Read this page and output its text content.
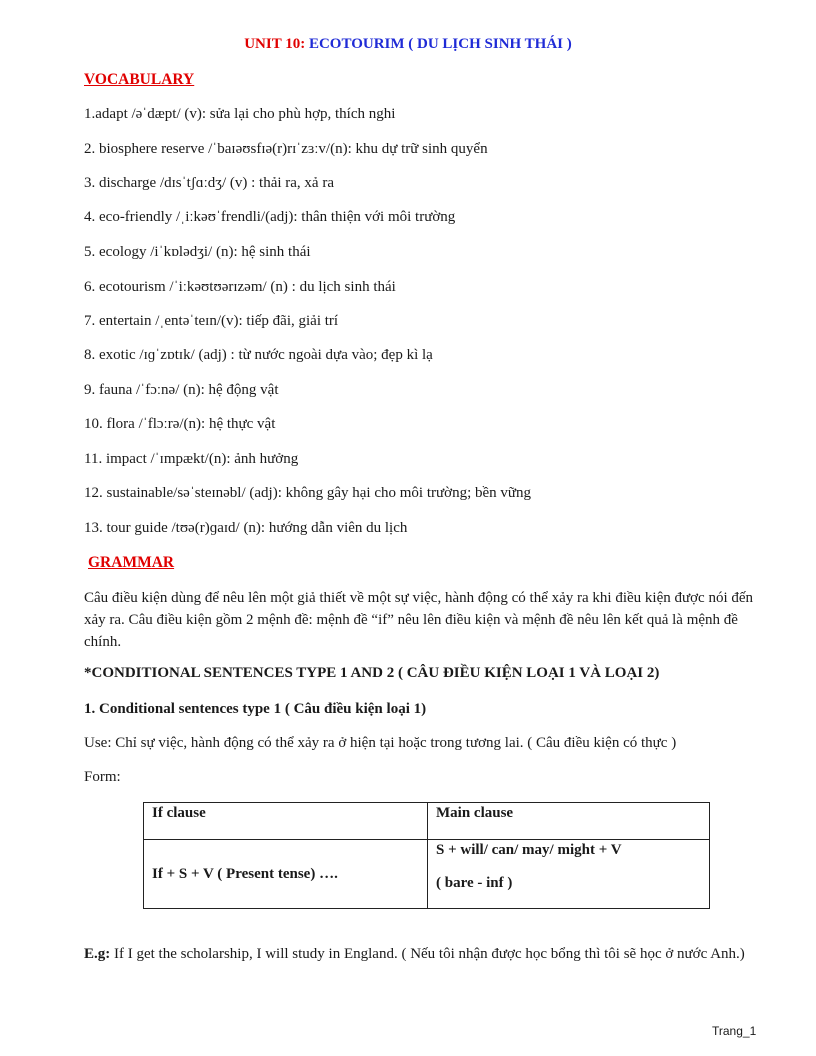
UNIT 10: ECOTOURIM ( DU LỊCH SINH THÁI )
VOCABULARY
1.adapt /əˈdæpt/ (v): sửa lại cho phù hợp, thích nghi
2. biosphere reserve /ˈbaɪəʊsfɪə(r)rɪˈzɜːv/(n): khu dự trữ sinh quyển
3. discharge /dɪsˈtʃɑːdʒ/ (v) : thải ra, xả ra
4. eco-friendly /ˌiːkəʊˈfrendli/(adj): thân thiện với môi trường
5. ecology /iˈkɒlədʒi/ (n): hệ sinh thái
6. ecotourism /ˈiːkəʊtʊərɪzəm/ (n) : du lịch sinh thái
7. entertain /ˌentəˈteɪn/(v): tiếp đãi, giải trí
8. exotic /ɪɡˈzɒtɪk/ (adj) : từ nước ngoài dựa vào; đẹp kì lạ
9. fauna /ˈfɔːnə/ (n): hệ động vật
10. flora /ˈflɔːrə/(n): hệ thực vật
11. impact /ˈɪmpækt/(n): ảnh hưởng
12. sustainable/səˈsteɪnəbl/ (adj): không gây hại cho môi trường; bền vững
13. tour guide /tʊə(r)ɡaɪd/ (n): hướng dẫn viên du lịch
GRAMMAR
Câu điều kiện dùng để nêu lên một giả thiết về một sự việc, hành động có thể xảy ra khi điều kiện được nói đến xảy ra. Câu điều kiện gồm 2 mệnh đề: mệnh đề “if” nêu lên điều kiện và mệnh đề nêu lên kết quả là mệnh đề chính.
*CONDITIONAL SENTENCES TYPE 1 AND 2 ( CÂU ĐIỀU KIỆN LOẠI 1 VÀ LOẠI 2)
1. Conditional sentences type 1 ( Câu điều kiện loại 1)
Use: Chỉ sự việc, hành động có thể xảy ra ở hiện tại hoặc trong tương lai. ( Câu điều kiện có thực )
Form:
If clause	Main clause
If + S + V ( Present tense) ….	S + will/ can/ may/ might + V
( bare - inf )
E.g: If I get the scholarship, I will study in England. ( Nếu tôi nhận được học bổng thì tôi sẽ học ở nước Anh.)
Trang_1
